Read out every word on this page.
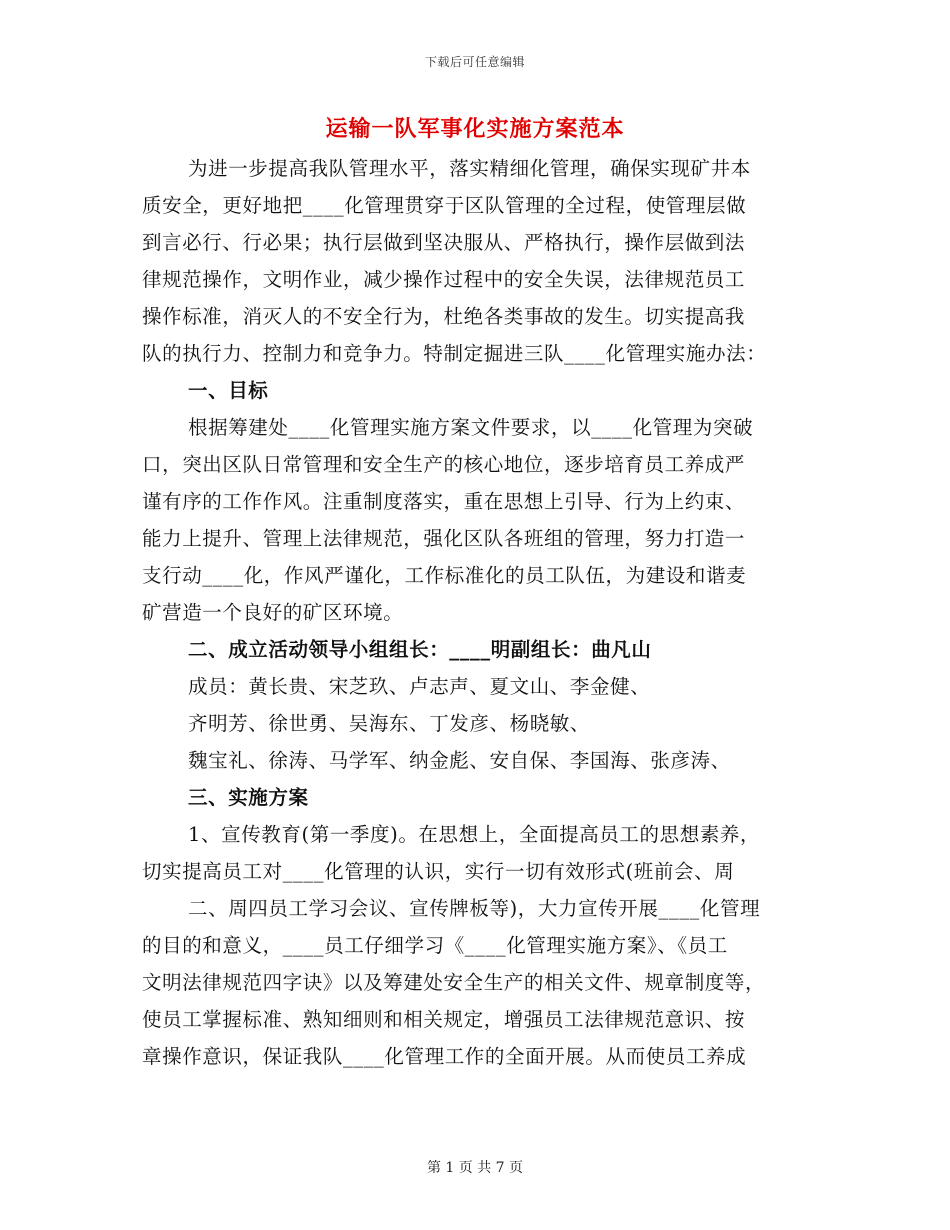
下载后可任意编辑
运输一队军事化实施方案范本
为进一步提高我队管理水平，落实精细化管理，确保实现矿井本
质安全，更好地把____化管理贯穿于区队管理的全过程，使管理层做
到言必行、行必果；执行层做到坚决服从、严格执行，操作层做到法
律规范操作，文明作业，减少操作过程中的安全失误，法律规范员工
操作标准，消灭人的不安全行为，杜绝各类事故的发生。切实提高我
队的执行力、控制力和竞争力。特制定掘进三队____化管理实施办法：
一、目标
根据筹建处____化管理实施方案文件要求，以____化管理为突破
口，突出区队日常管理和安全生产的核心地位，逐步培育员工养成严
谨有序的工作作风。注重制度落实，重在思想上引导、行为上约束、
能力上提升、管理上法律规范，强化区队各班组的管理，努力打造一
支行动____化，作风严谨化，工作标准化的员工队伍，为建设和谐麦
矿营造一个良好的矿区环境。
二、成立活动领导小组组长：____明副组长：曲凡山
成员：黄长贵、宋芝玖、卢志声、夏文山、李金健、
齐明芳、徐世勇、吴海东、丁发彦、杨晓敏、
魏宝礼、徐涛、马学军、纳金彪、安自保、李国海、张彦涛、
三、实施方案
1、宣传教育(第一季度)。在思想上，全面提高员工的思想素养，
切实提高员工对____化管理的认识，实行一切有效形式(班前会、周
二、周四员工学习会议、宣传牌板等)，大力宣传开展____化管理
的目的和意义，____员工仔细学习《____化管理实施方案》、《员工
文明法律规范四字诀》以及筹建处安全生产的相关文件、规章制度等，
使员工掌握标准、熟知细则和相关规定，增强员工法律规范意识、按
章操作意识，保证我队____化管理工作的全面开展。从而使员工养成
第 1 页 共 7 页
